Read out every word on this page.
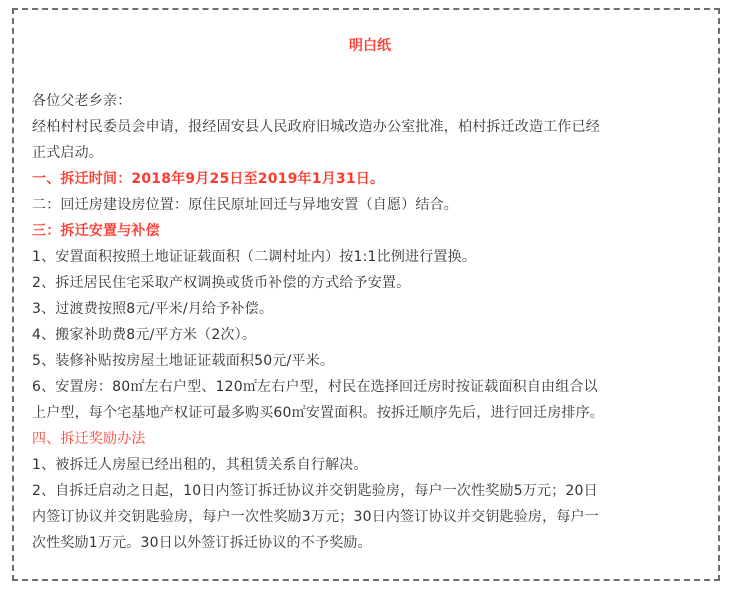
明白纸

各位父老乡亲：

经柏村村民委员会申请，报经固安县人民政府旧城改造办公室批准，柏村拆迁改造工作已经

正式启动。

一、拆迁时间：2018年9月25日至2019年1月31日。

二：回迁房建设房位置：原住民原址回迁与异地安置（自愿）结合。

三：拆迁安置与补偿

1、安置面积按照土地证证载面积（二调村址内）按1:1比例进行置换。

2、拆迁居民住宅采取产权调换或货币补偿的方式给予安置。

3、过渡费按照8元/平米/月给予补偿。

4、搬家补助费8元/平方米（2次）。

5、装修补贴按房屋土地证证载面积50元/平米。

6、安置房：80㎡左右户型、120㎡左右户型，村民在选择回迁房时按证载面积自由组合以

上户型，每个宅基地产权证可最多购买60㎡安置面积。按拆迁顺序先后，进行回迁房排序。

四、拆迁奖励办法

1、被拆迁人房屋已经出租的，其租赁关系自行解决。

2、自拆迁启动之日起，10日内签订拆迁协议并交钥匙验房，每户一次性奖励5万元；20日

内签订协议并交钥匙验房，每户一次性奖励3万元；30日内签订协议并交钥匙验房，每户一

次性奖励1万元。30日以外签订拆迁协议的不予奖励。
